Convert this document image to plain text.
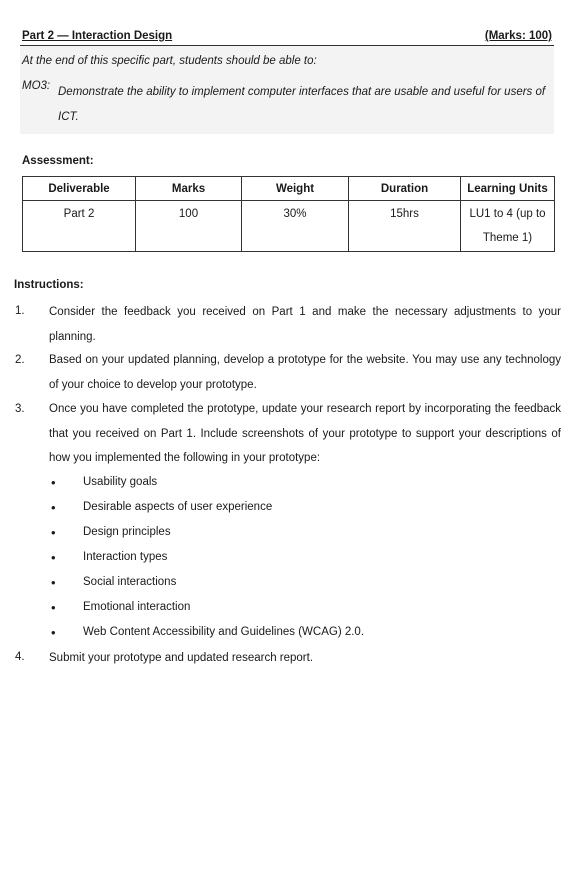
Part 2 — Interaction Design	(Marks: 100)
At the end of this specific part, students should be able to:
MO3: Demonstrate the ability to implement computer interfaces that are usable and useful for users of ICT.
Assessment:
Deliverable	Marks	Weight	Duration	Learning Units
Part 2	100	30%	15hrs	LU1 to 4 (up to Theme 1)
Instructions:
1. Consider the feedback you received on Part 1 and make the necessary adjustments to your planning.
2. Based on your updated planning, develop a prototype for the website. You may use any technology of your choice to develop your prototype.
3. Once you have completed the prototype, update your research report by incorporating the feedback that you received on Part 1. Include screenshots of your prototype to support your descriptions of how you implemented the following in your prototype:
• Usability goals
• Desirable aspects of user experience
• Design principles
• Interaction types
• Social interactions
• Emotional interaction
• Web Content Accessibility and Guidelines (WCAG) 2.0.
4. Submit your prototype and updated research report.
